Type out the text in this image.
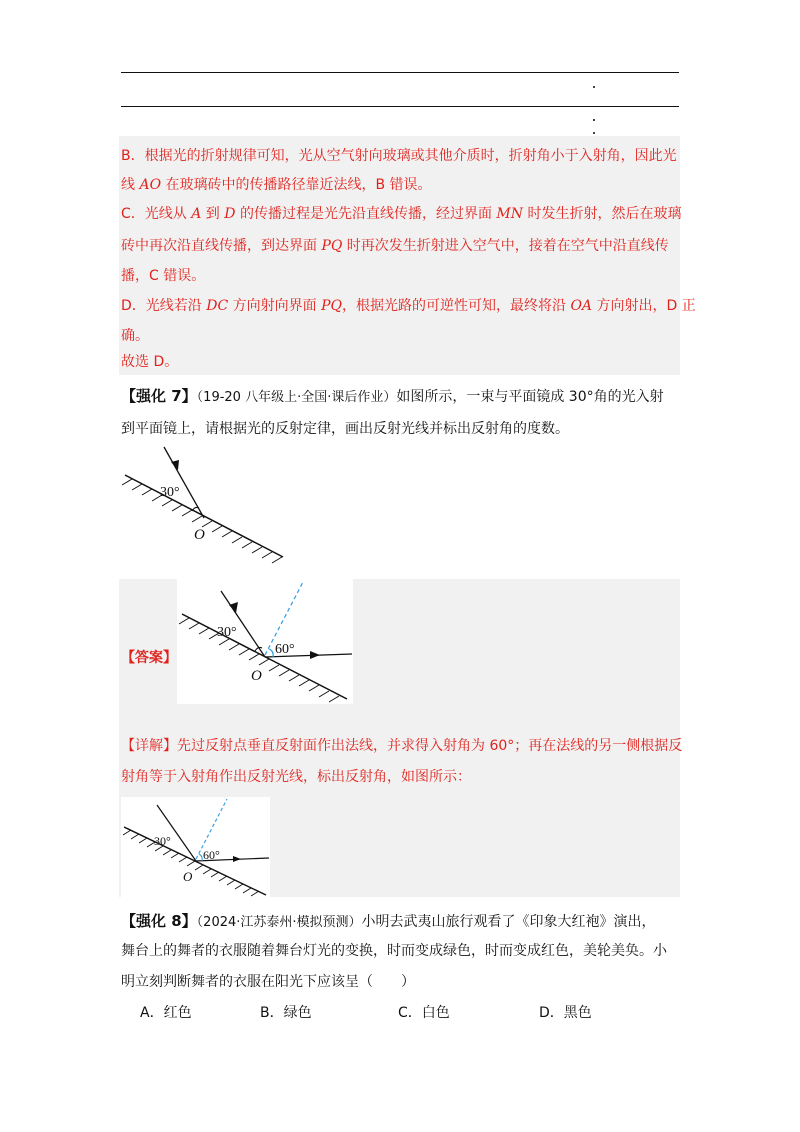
B．根据光的折射规律可知，光从空气射向玻璃或其他介质时，折射角小于入射角，因此光
线 AO 在玻璃砖中的传播路径靠近法线，B 错误。
C．光线从 A 到 D 的传播过程是光先沿直线传播，经过界面 MN 时发生折射，然后在玻璃
砖中再次沿直线传播，到达界面 PQ 时再次发生折射进入空气中，接着在空气中沿直线传
播，C 错误。
D．光线若沿 DC 方向射向界面 PQ，根据光路的可逆性可知，最终将沿 OA 方向射出，D 正
确。
故选 D。
【强化 7】（19-20 八年级上·全国·课后作业）如图所示，一束与平面镜成 30°角的光入射
到平面镜上，请根据光的反射定律，画出反射光线并标出反射角的度数。
30°
O
【答案】
30°
60°
O
【详解】先过反射点垂直反射面作出法线，并求得入射角为 60°；再在法线的另一侧根据反
射角等于入射角作出反射光线，标出反射角，如图所示：
30°
60°
O
【强化 8】（2024·江苏泰州·模拟预测）小明去武夷山旅行观看了《印象大红袍》演出，
舞台上的舞者的衣服随着舞台灯光的变换，时而变成绿色，时而变成红色，美轮美奂。小
明立刻判断舞者的衣服在阳光下应该呈（　　）
A．红色	B．绿色	C．白色	D．黑色
